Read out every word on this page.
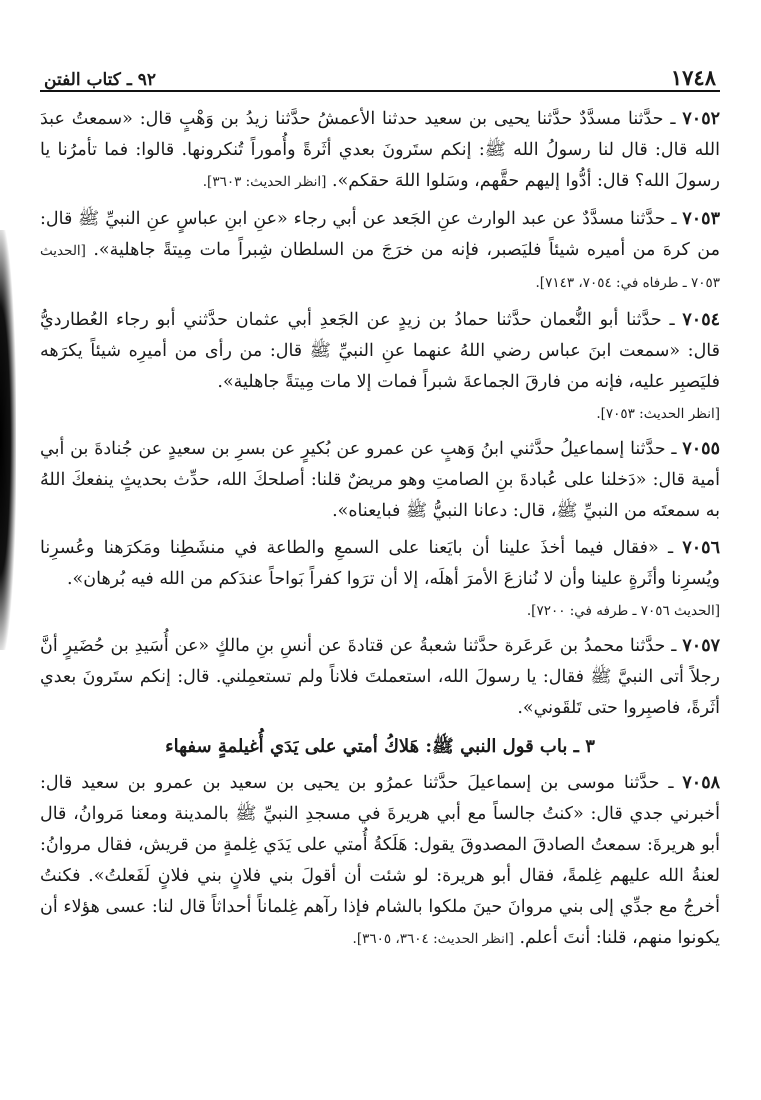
١٧٤٨
٩٢ ـ كتاب الفتن

٧٠٥٢ ـ حدَّثنا مسدَّدٌ حدَّثنا يحيى بن سعيد حدثنا الأعمشُ حدَّثنا زيدُ بن وَهْبٍ قال: «سمعتُ عبدَ الله قال: قال لنا رسولُ الله ﷺ: إنكم ستَرونَ بعدي أثَرةً وأُموراً تُنكرونها. قالوا: فما تأمرُنا يا رسولَ الله؟ قال: أدُّوا إليهم حقَّهم، وسَلوا اللهَ حقكم». [انظر الحديث: ٣٦٠٣].

٧٠٥٣ ـ حدَّثنا مسدَّدٌ عن عبد الوارث عنِ الجَعد عن أبي رجاء «عنِ ابنِ عباسٍ عنِ النبيِّ ﷺ قال: من كرهَ من أميره شيئاً فليَصبر، فإنه من خرَجَ من السلطان شِبراً مات مِيتةً جاهلية». [الحديث ٧٠٥٣ ـ طرفاه في: ٧٠٥٤، ٧١٤٣].

٧٠٥٤ ـ حدَّثنا أبو النُّعمان حدَّثنا حمادُ بن زيدٍ عن الجَعدِ أبي عثمان حدَّثني أبو رجاء العُطارديُّ قال: «سمعت ابنَ عباس رضي اللهُ عنهما عنِ النبيِّ ﷺ قال: من رأى من أميرِه شيئاً يكرَهه فليَصبِر عليه، فإنه من فارقَ الجماعةَ شبراً فمات إلا مات مِيتةً جاهلية».

[انظر الحديث: ٧٠٥٣].

٧٠٥٥ ـ حدَّثنا إسماعيلُ حدَّثني ابنُ وَهبٍ عن عمرو عن بُكيرٍ عن بسرِ بن سعيدٍ عن جُنادةَ بن أبي أمية قال: «دَخلنا على عُبادةَ بنِ الصامتِ وهو مريضٌ قلنا: أصلحكَ الله، حدِّث بحديثٍ ينفعكَ اللهُ به سمعتَه من النبيِّ ﷺ، قال: دعانا النبيُّ ﷺ فبايعناه».

٧٠٥٦ ـ «فقال فيما أخذَ علينا أن بايَعنا على السمعِ والطاعة في منشَطِنا ومَكرَهنا وعُسرِنا ويُسرِنا وأثَرةٍ علينا وأن لا نُنازعَ الأمرَ أهلَه، إلا أن ترَوا كفراً بَواحاً عندَكم من الله فيه بُرهان».

[الحديث ٧٠٥٦ ـ طرفه في: ٧٢٠٠].

٧٠٥٧ ـ حدَّثنا محمدُ بن عَرعَرة حدَّثنا شعبةُ عن قتادةَ عن أنسِ بنِ مالكٍ «عن أُسَيدِ بن حُضَيرٍ أنَّ رجلاً أتى النبيَّ ﷺ فقال: يا رسولَ الله، استعملتَ فلاناً ولم تستعمِلني. قال: إنكم ستَرونَ بعدي أثَرةً، فاصبِروا حتى تَلقَوني».

٣ ـ باب قول النبي ﷺ: هَلاكُ أمتي على يَدَي أُغيلمةٍ سفهاء

٧٠٥٨ ـ حدَّثنا موسى بن إسماعيلَ حدَّثنا عمرُو بن يحيى بن سعيد بن عمرو بن سعيد قال: أخبرني جدي قال: «كنتُ جالساً مع أبي هريرةَ في مسجدِ النبيِّ ﷺ بالمدينة ومعنا مَروانُ، قال أبو هريرةَ: سمعتُ الصادقَ المصدوقَ يقول: هَلَكةُ أُمتي على يَدَي غِلمةٍ من قريش، فقال مروانُ: لعنةُ الله عليهم غِلمةً، فقال أبو هريرة: لو شئت أن أقولَ بني فلانٍ بني فلانٍ لَفَعلتُ». فكنتُ أخرجُ مع جدِّي إلى بني مروانَ حينَ ملكوا بالشام فإذا رآهم غِلماناً أحداثاً قال لنا: عسى هؤلاء أن يكونوا منهم، قلنا: أنتَ أعلم. [انظر الحديث: ٣٦٠٤، ٣٦٠٥].
